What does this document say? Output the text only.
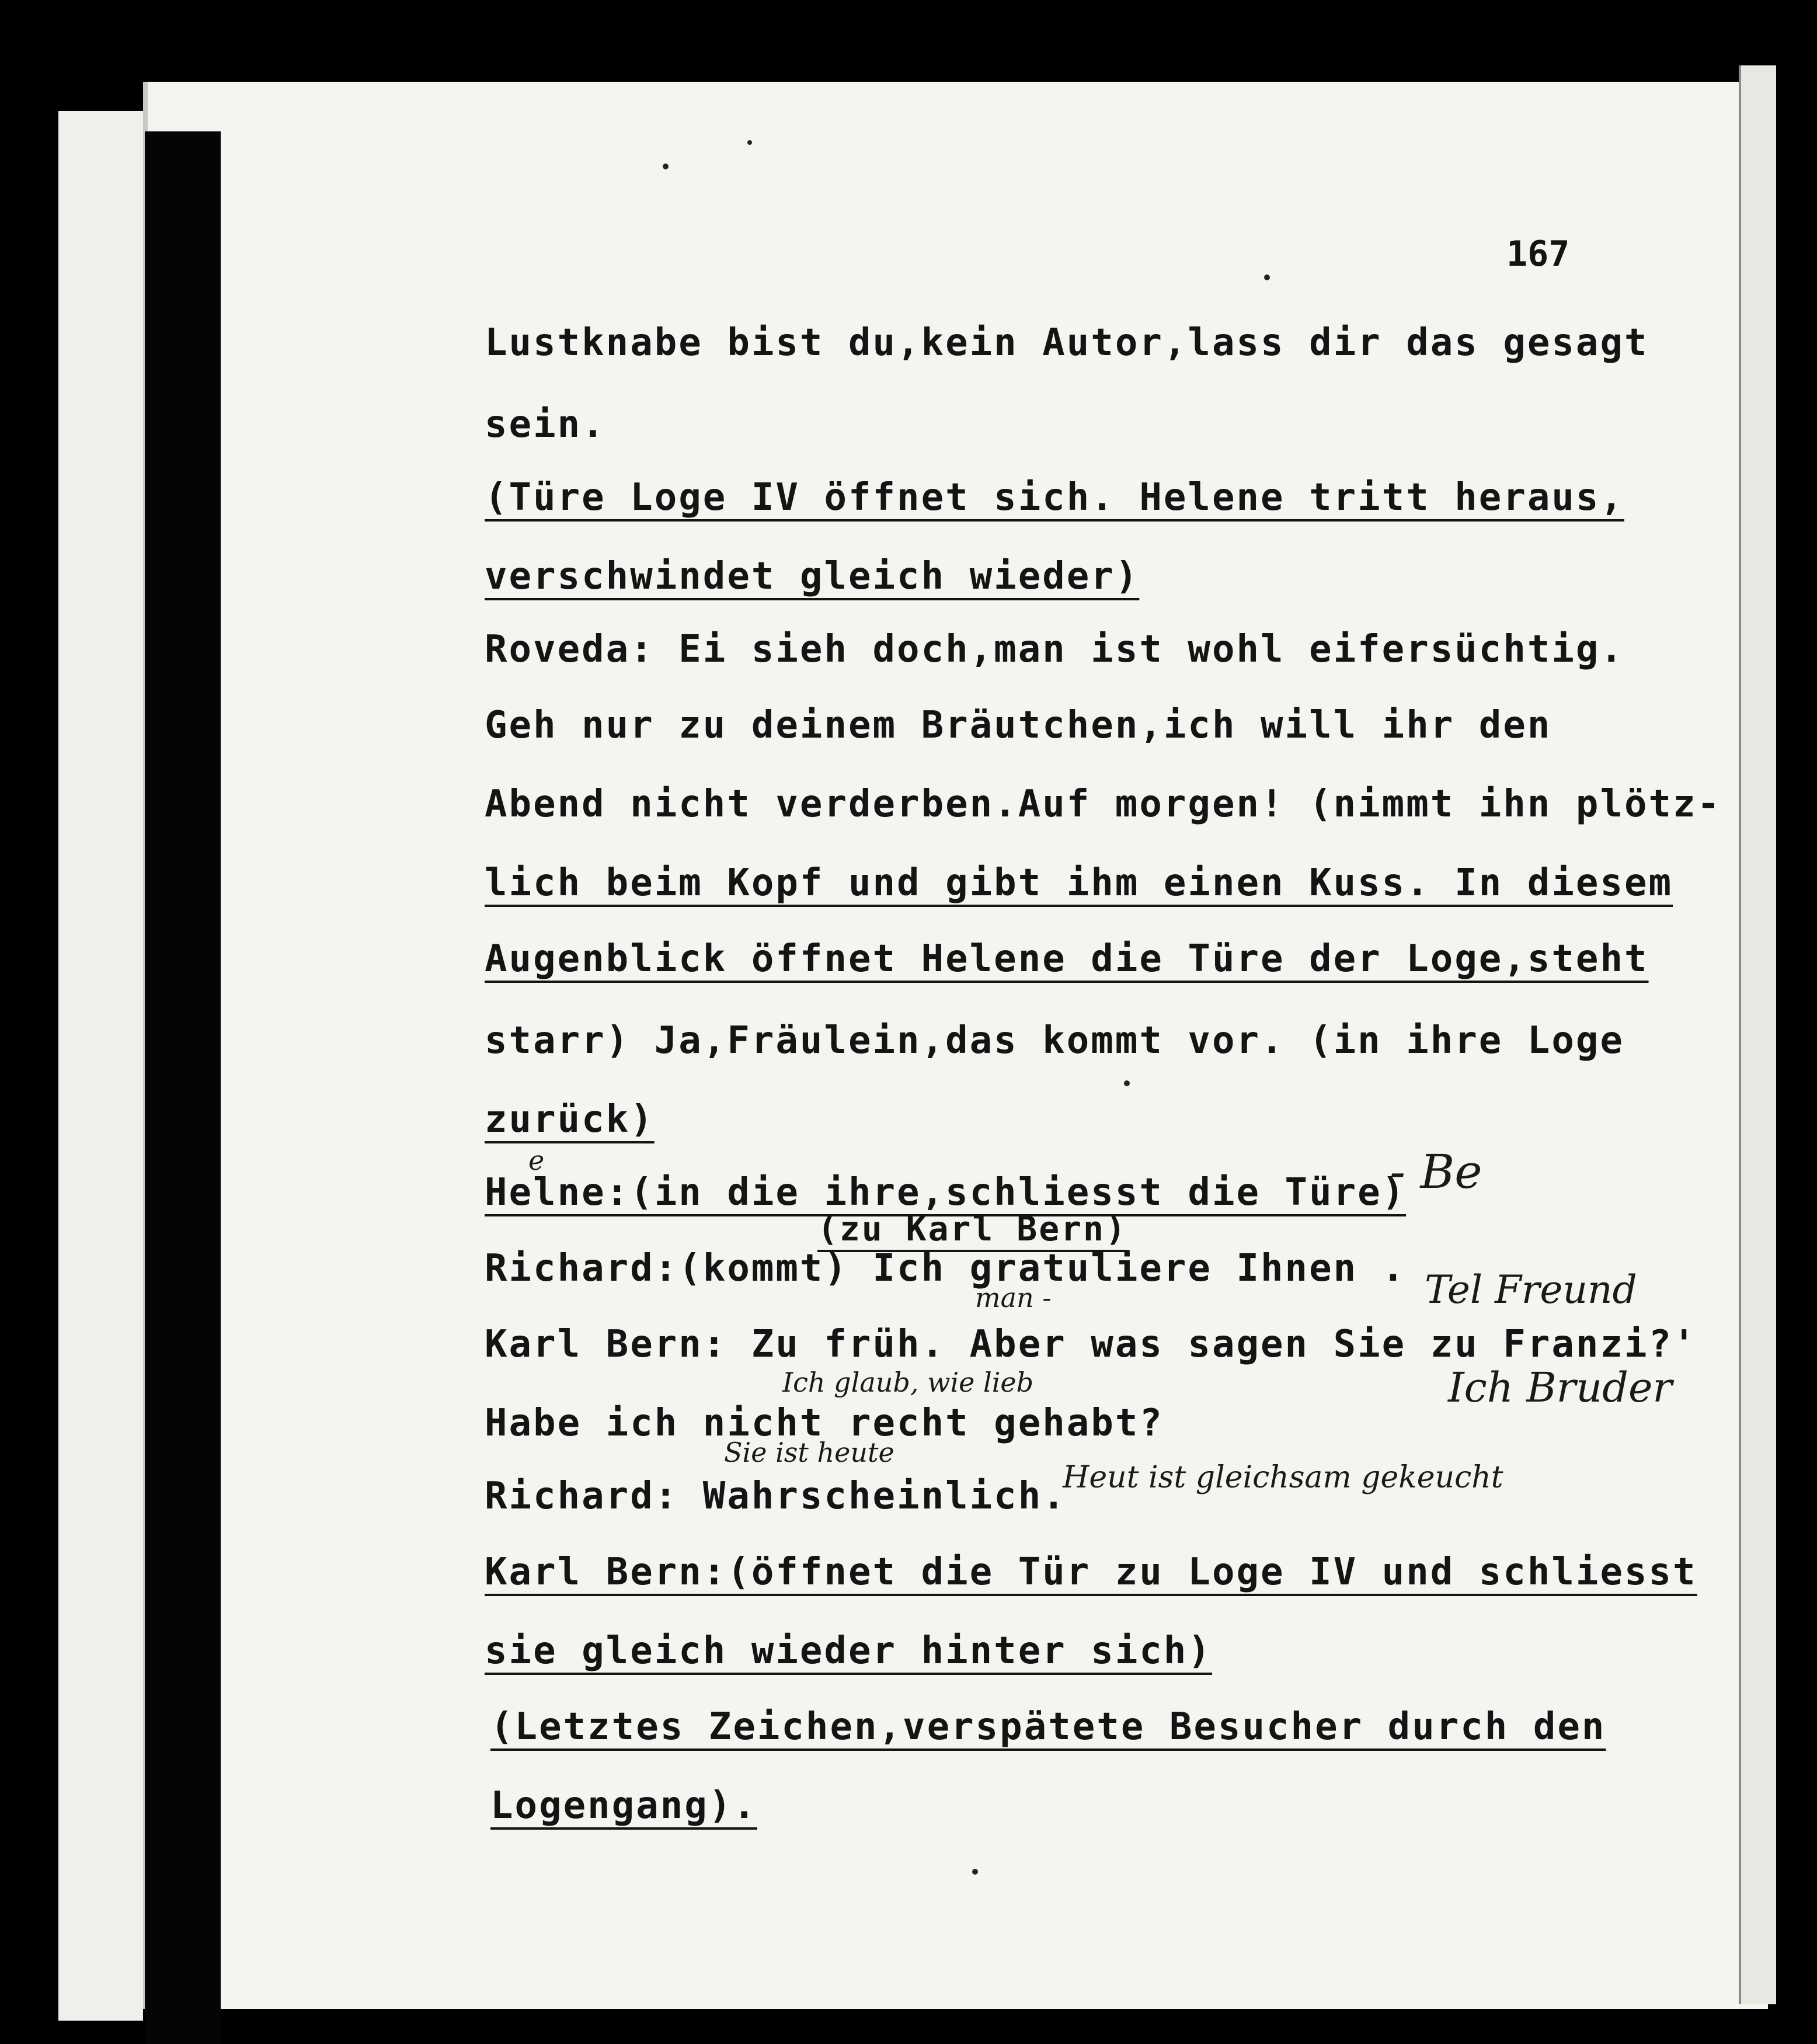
167
Lustknabe bist du,kein Autor,lass dir das gesagt
sein.
(Türe Loge IV öffnet sich. Helene tritt heraus,
verschwindet gleich wieder)
Roveda: Ei sieh doch,man ist wohl eifersüchtig.
Geh nur zu deinem Bräutchen,ich will ihr den
Abend nicht verderben.Auf morgen! (nimmt ihn plötz-
lich beim Kopf und gibt ihm einen Kuss. In diesem
Augenblick öffnet Helene die Türe der Loge,steht
starr) Ja,Fräulein,das kommt vor. (in ihre Loge
zurück)
Helne:(in die ihre,schliesst die Türe)
(zu Karl Bern)
Richard:(kommt) Ich gratuliere Ihnen .
Karl Bern: Zu früh. Aber was sagen Sie zu Franzi?'
Habe ich nicht recht gehabt?
Richard: Wahrscheinlich.
Karl Bern:(öffnet die Tür zu Loge IV und schliesst
sie gleich wieder hinter sich)
(Letztes Zeichen,verspätete Besucher durch den
Logengang).
e	- Be
Tel Freund
Ich Bruder
man -
Ich glaub, wie lieb
Sie ist heute
Heut ist gleichsam gekeucht
